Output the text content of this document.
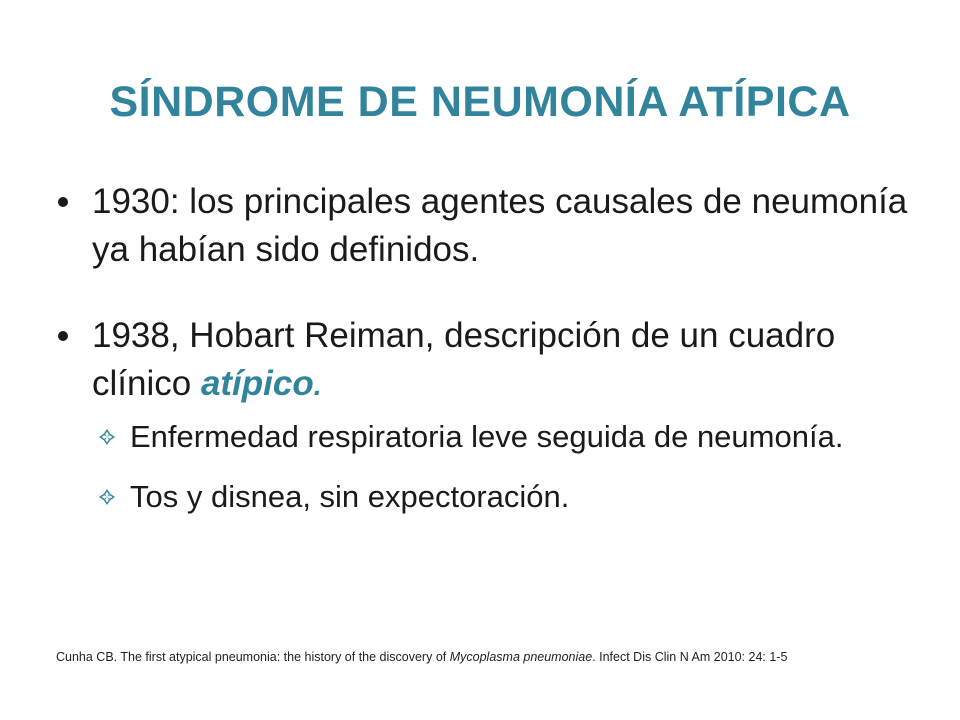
SÍNDROME DE NEUMONÍA ATÍPICA
1930: los principales agentes causales de neumonía ya habían sido definidos.
1938, Hobart Reiman, descripción de un cuadro clínico atípico.
Enfermedad respiratoria leve seguida de neumonía.
Tos y disnea, sin expectoración.

Cunha CB. The first atypical pneumonia: the history of the discovery of Mycoplasma pneumoniae. Infect Dis Clin N Am 2010: 24: 1-5
